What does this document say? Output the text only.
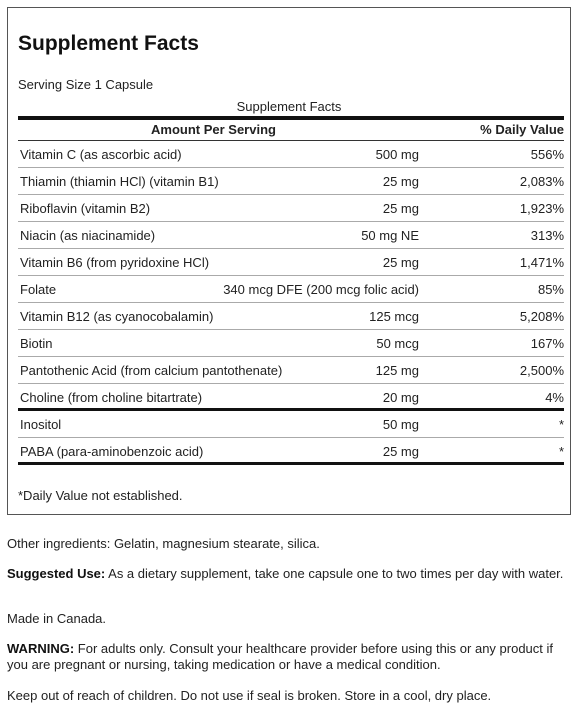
Supplement Facts
Serving Size 1 Capsule
Supplement Facts
Amount Per Serving	% Daily Value
Vitamin C (as ascorbic acid)	500 mg	556%
Thiamin (thiamin HCl) (vitamin B1)	25 mg	2,083%
Riboflavin (vitamin B2)	25 mg	1,923%
Niacin (as niacinamide)	50 mg NE	313%
Vitamin B6 (from pyridoxine HCl)	25 mg	1,471%
Folate	340 mcg DFE (200 mcg folic acid)	85%
Vitamin B12 (as cyanocobalamin)	125 mcg	5,208%
Biotin	50 mcg	167%
Pantothenic Acid (from calcium pantothenate)	125 mg	2,500%
Choline (from choline bitartrate)	20 mg	4%
Inositol	50 mg	*
PABA (para-aminobenzoic acid)	25 mg	*
*Daily Value not established.
Other ingredients: Gelatin, magnesium stearate, silica.
Suggested Use: As a dietary supplement, take one capsule one to two times per day with water.
Made in Canada.
WARNING: For adults only. Consult your healthcare provider before using this or any product if you are pregnant or nursing, taking medication or have a medical condition.
Keep out of reach of children. Do not use if seal is broken. Store in a cool, dry place.
